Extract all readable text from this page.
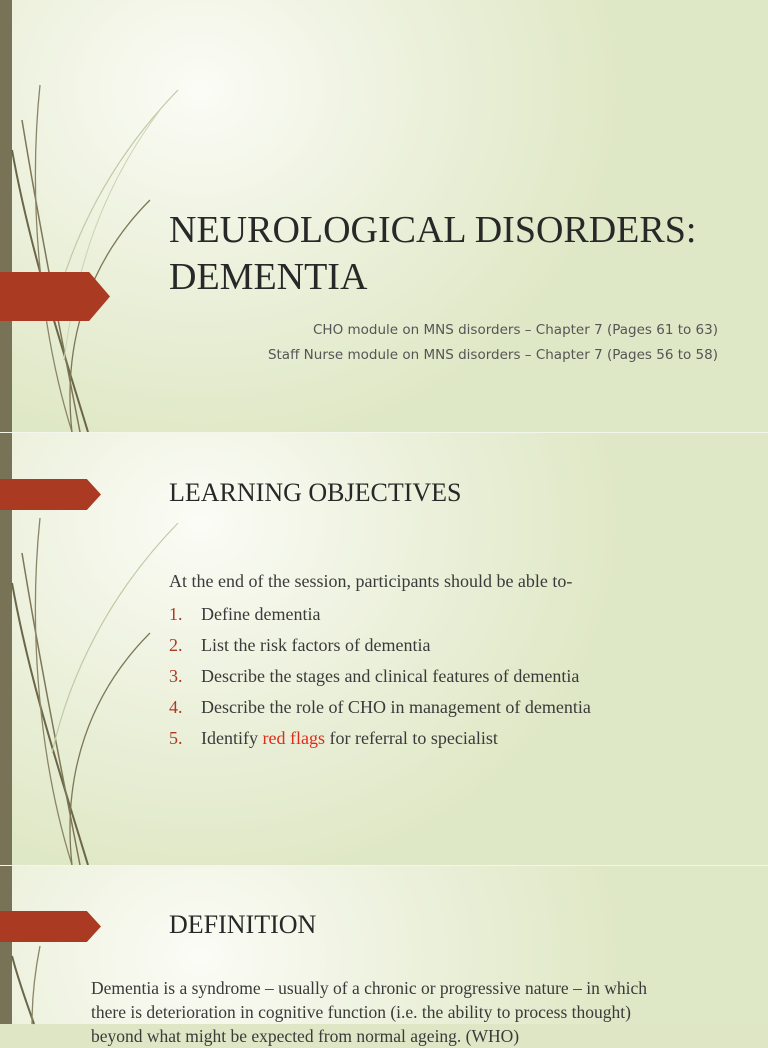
NEUROLOGICAL DISORDERS:
DEMENTIA
CHO module on MNS disorders – Chapter 7 (Pages 61 to 63)
Staff Nurse module on MNS disorders – Chapter 7 (Pages 56 to 58)
LEARNING OBJECTIVES
At the end of the session, participants should be able to-
1. Define dementia
2. List the risk factors of dementia
3. Describe the stages and clinical features of dementia
4. Describe the role of CHO in management of dementia
5. Identify red flags for referral to specialist
DEFINITION

Dementia is a syndrome – usually of a chronic or progressive nature – in which there is deterioration in cognitive function (i.e. the ability to process thought) beyond what might be expected from normal ageing. (WHO)
